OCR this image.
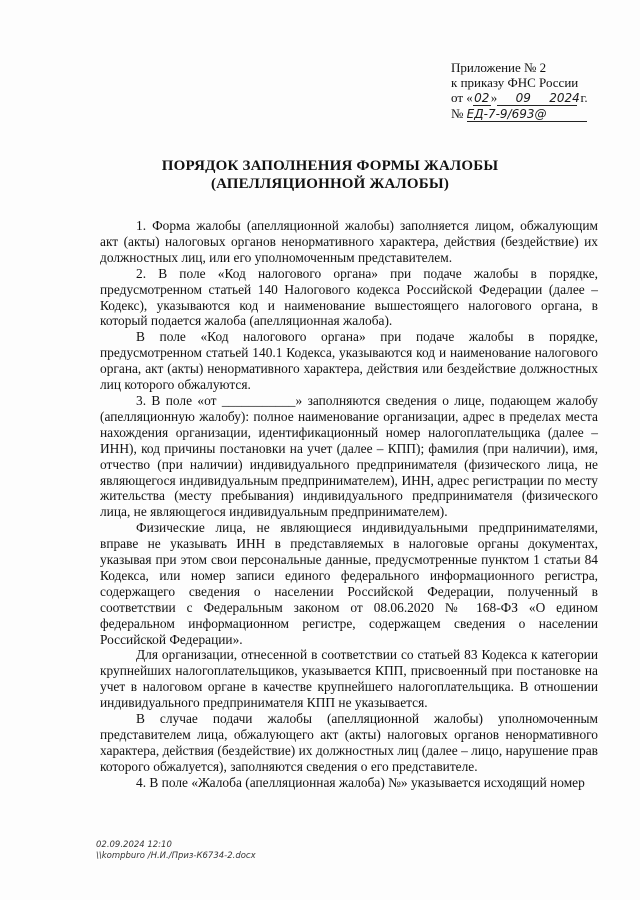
Приложение № 2
к приказу ФНС России
от «02» 09 2024 г.
№ ЕД-7-9/693@
ПОРЯДОК ЗАПОЛНЕНИЯ ФОРМЫ ЖАЛОБЫ
(АПЕЛЛЯЦИОННОЙ ЖАЛОБЫ)

1. Форма жалобы (апелляционной жалобы) заполняется лицом, обжалующим акт (акты) налоговых органов ненормативного характера, действия (бездействие) их должностных лиц, или его уполномоченным представителем.

2. В поле «Код налогового органа» при подаче жалобы в порядке, предусмотренном статьей 140 Налогового кодекса Российской Федерации (далее – Кодекс), указываются код и наименование вышестоящего налогового органа, в который подается жалоба (апелляционная жалоба).

В поле «Код налогового органа» при подаче жалобы в порядке, предусмотренном статьей 140.1 Кодекса, указываются код и наименование налогового органа, акт (акты) ненормативного характера, действия или бездействие должностных лиц которого обжалуются.

3. В поле «от ___________» заполняются сведения о лице, подающем жалобу (апелляционную жалобу): полное наименование организации, адрес в пределах места нахождения организации, идентификационный номер налогоплательщика (далее – ИНН), код причины постановки на учет (далее – КПП); фамилия (при наличии), имя, отчество (при наличии) индивидуального предпринимателя (физического лица, не являющегося индивидуальным предпринимателем), ИНН, адрес регистрации по месту жительства (месту пребывания) индивидуального предпринимателя (физического лица, не являющегося индивидуальным предпринимателем).

Физические лица, не являющиеся индивидуальными предпринимателями, вправе не указывать ИНН в представляемых в налоговые органы документах, указывая при этом свои персональные данные, предусмотренные пунктом 1 статьи 84 Кодекса, или номер записи единого федерального информационного регистра, содержащего сведения о населении Российской Федерации, полученный в соответствии с Федеральным законом от 08.06.2020 № 168-ФЗ «О едином федеральном информационном регистре, содержащем сведения о населении Российской Федерации».

Для организации, отнесенной в соответствии со статьей 83 Кодекса к категории крупнейших налогоплательщиков, указывается КПП, присвоенный при постановке на учет в налоговом органе в качестве крупнейшего налогоплательщика. В отношении индивидуального предпринимателя КПП не указывается.

В случае подачи жалобы (апелляционной жалобы) уполномоченным представителем лица, обжалующего акт (акты) налоговых органов ненормативного характера, действия (бездействие) их должностных лиц (далее – лицо, нарушение прав которого обжалуется), заполняются сведения о его представителе.

4. В поле «Жалоба (апелляционная жалоба) №» указывается исходящий номер

02.09.2024 12:10
\\kompburo /Н.И./Приз-К6734-2.docx
